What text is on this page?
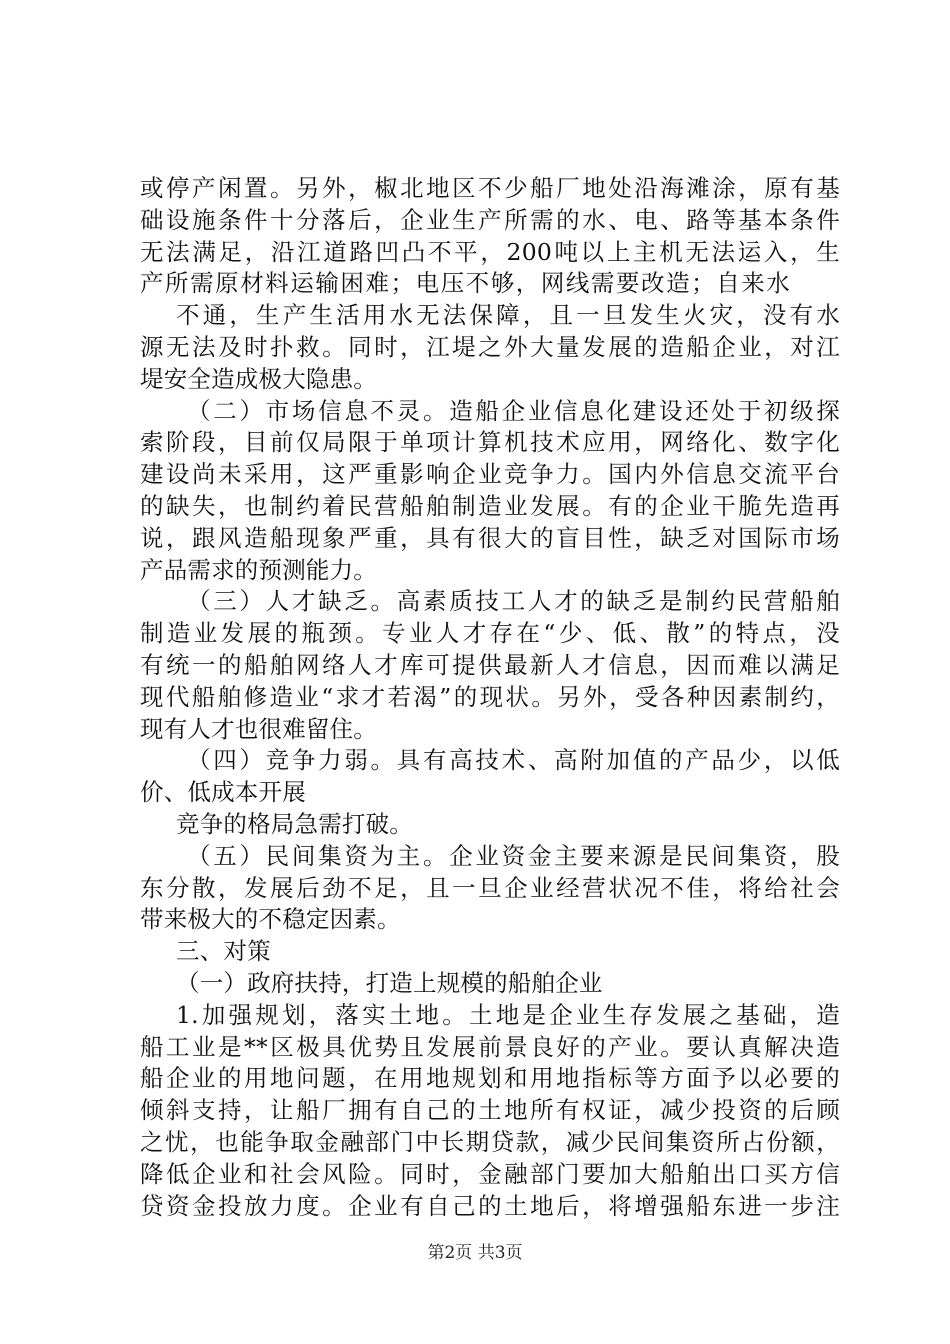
或停产闲置。另外，椒北地区不少船厂地处沿海滩涂，原有基
础设施条件十分落后，企业生产所需的水、电、路等基本条件
无法满足，沿江道路凹凸不平，200吨以上主机无法运入，生
产所需原材料运输困难；电压不够，网线需要改造；自来水
不通，生产生活用水无法保障，且一旦发生火灾，没有水
源无法及时扑救。同时，江堤之外大量发展的造船企业，对江
堤安全造成极大隐患。
（二）市场信息不灵。造船企业信息化建设还处于初级探
索阶段，目前仅局限于单项计算机技术应用，网络化、数字化
建设尚未采用，这严重影响企业竞争力。国内外信息交流平台
的缺失，也制约着民营船舶制造业发展。有的企业干脆先造再
说，跟风造船现象严重，具有很大的盲目性，缺乏对国际市场
产品需求的预测能力。
（三）人才缺乏。高素质技工人才的缺乏是制约民营船舶
制造业发展的瓶颈。专业人才存在“少、低、散”的特点，没
有统一的船舶网络人才库可提供最新人才信息，因而难以满足
现代船舶修造业“求才若渴”的现状。另外，受各种因素制约，
现有人才也很难留住。
（四）竞争力弱。具有高技术、高附加值的产品少，以低
价、低成本开展
竞争的格局急需打破。
（五）民间集资为主。企业资金主要来源是民间集资，股
东分散，发展后劲不足，且一旦企业经营状况不佳，将给社会
带来极大的不稳定因素。
三、对策
（一）政府扶持，打造上规模的船舶企业
1.加强规划，落实土地。土地是企业生存发展之基础，造
船工业是**区极具优势且发展前景良好的产业。要认真解决造
船企业的用地问题，在用地规划和用地指标等方面予以必要的
倾斜支持，让船厂拥有自己的土地所有权证，减少投资的后顾
之忧，也能争取金融部门中长期贷款，减少民间集资所占份额，
降低企业和社会风险。同时，金融部门要加大船舶出口买方信
贷资金投放力度。企业有自己的土地后，将增强船东进一步注
第2页 共3页
